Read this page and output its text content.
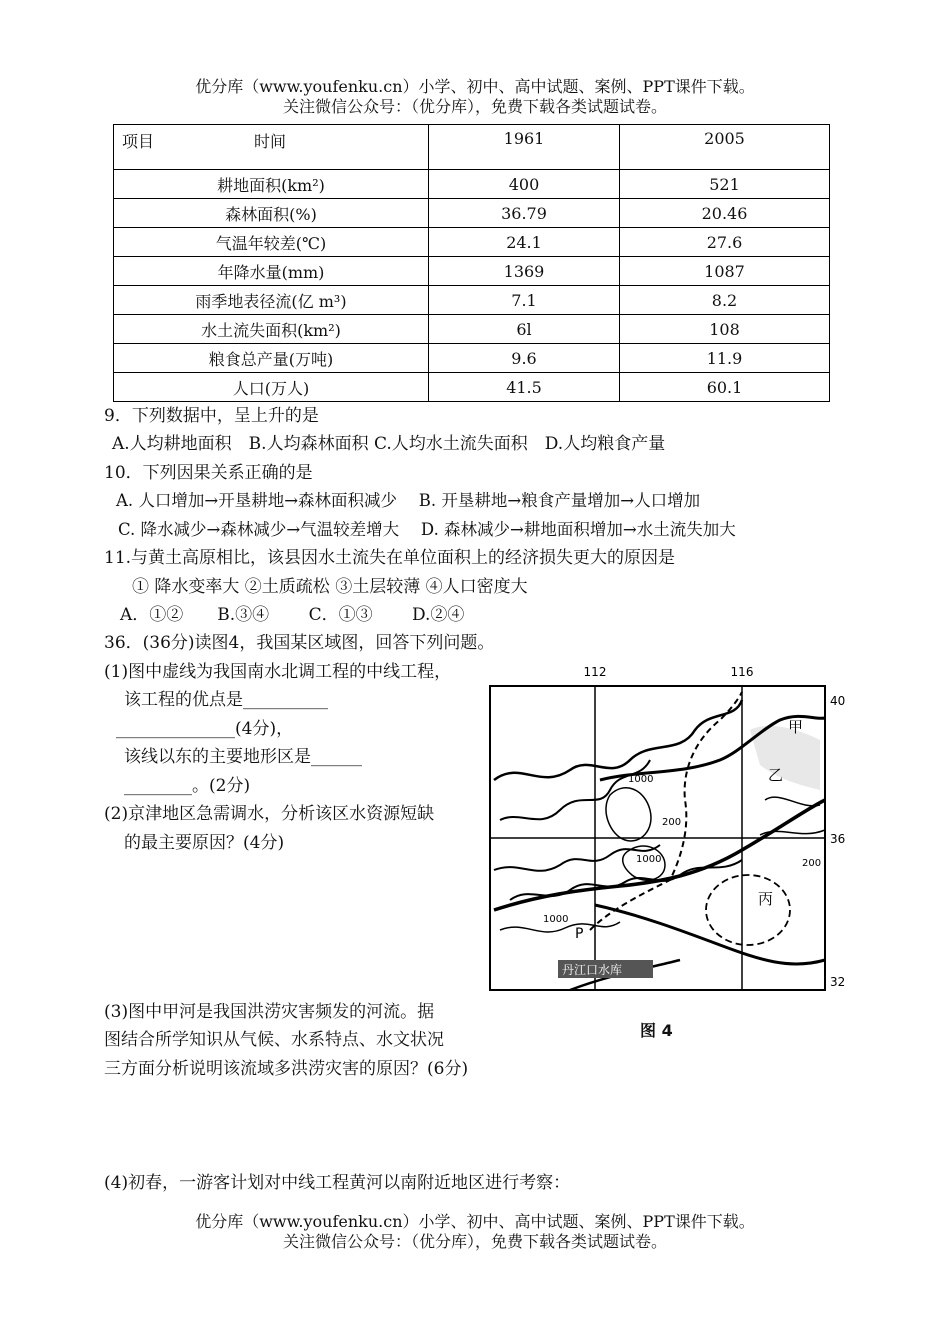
优分库（www.youfenku.cn）小学、初中、高中试题、案例、PPT课件下载。
关注微信公众号：（优分库），免费下载各类试题试卷。
项目 时间	1961	2005
耕地面积(km²)	400	521
森林面积(%)	36.79	20.46
气温年较差(℃)	24.1	27.6
年降水量(mm)	1369	1087
雨季地表径流(亿 m³)	7.1	8.2
水土流失面积(km²)	6l	108
粮食总产量(万吨)	9.6	11.9
人口(万人)	41.5	60.1
9．下列数据中，呈上升的是
A.人均耕地面积　B.人均森林面积 C.人均水土流失面积　D.人均粮食产量
10．下列因果关系正确的是
A. 人口增加→开垦耕地→森林面积减少　 B. 开垦耕地→粮食产量增加→人口增加
C. 降水减少→森林减少→气温较差增大　 D. 森林减少→耕地面积增加→水土流失加大
11.与黄土高原相比，该县因水土流失在单位面积上的经济损失更大的原因是
① 降水变率大 ②土质疏松 ③土层较薄 ④人口密度大
A．①②　　B.③④　　 C．①③　　 D.②④
36．(36分)读图4，我国某区域图，回答下列问题。
(1)图中虚线为我国南水北调工程的中线工程，
该工程的优点是__________
______________(4分)，
该线以东的主要地形区是______
________。(2分)
(2)京津地区急需调水，分析该区水资源短缺
的最主要原因？(4分)
(3)图中甲河是我国洪涝灾害频发的河流。据
图结合所学知识从气候、水系特点、水文状况
三方面分析说明该流域多洪涝灾害的原因？(6分)
(4)初春，一游客计划对中线工程黄河以南附近地区进行考察：
112	116
40
36
32
甲
乙
丙
P
1000
200
1000	200
1000
丹江口水库
图 4
优分库（www.youfenku.cn）小学、初中、高中试题、案例、PPT课件下载。
关注微信公众号：（优分库），免费下载各类试题试卷。
